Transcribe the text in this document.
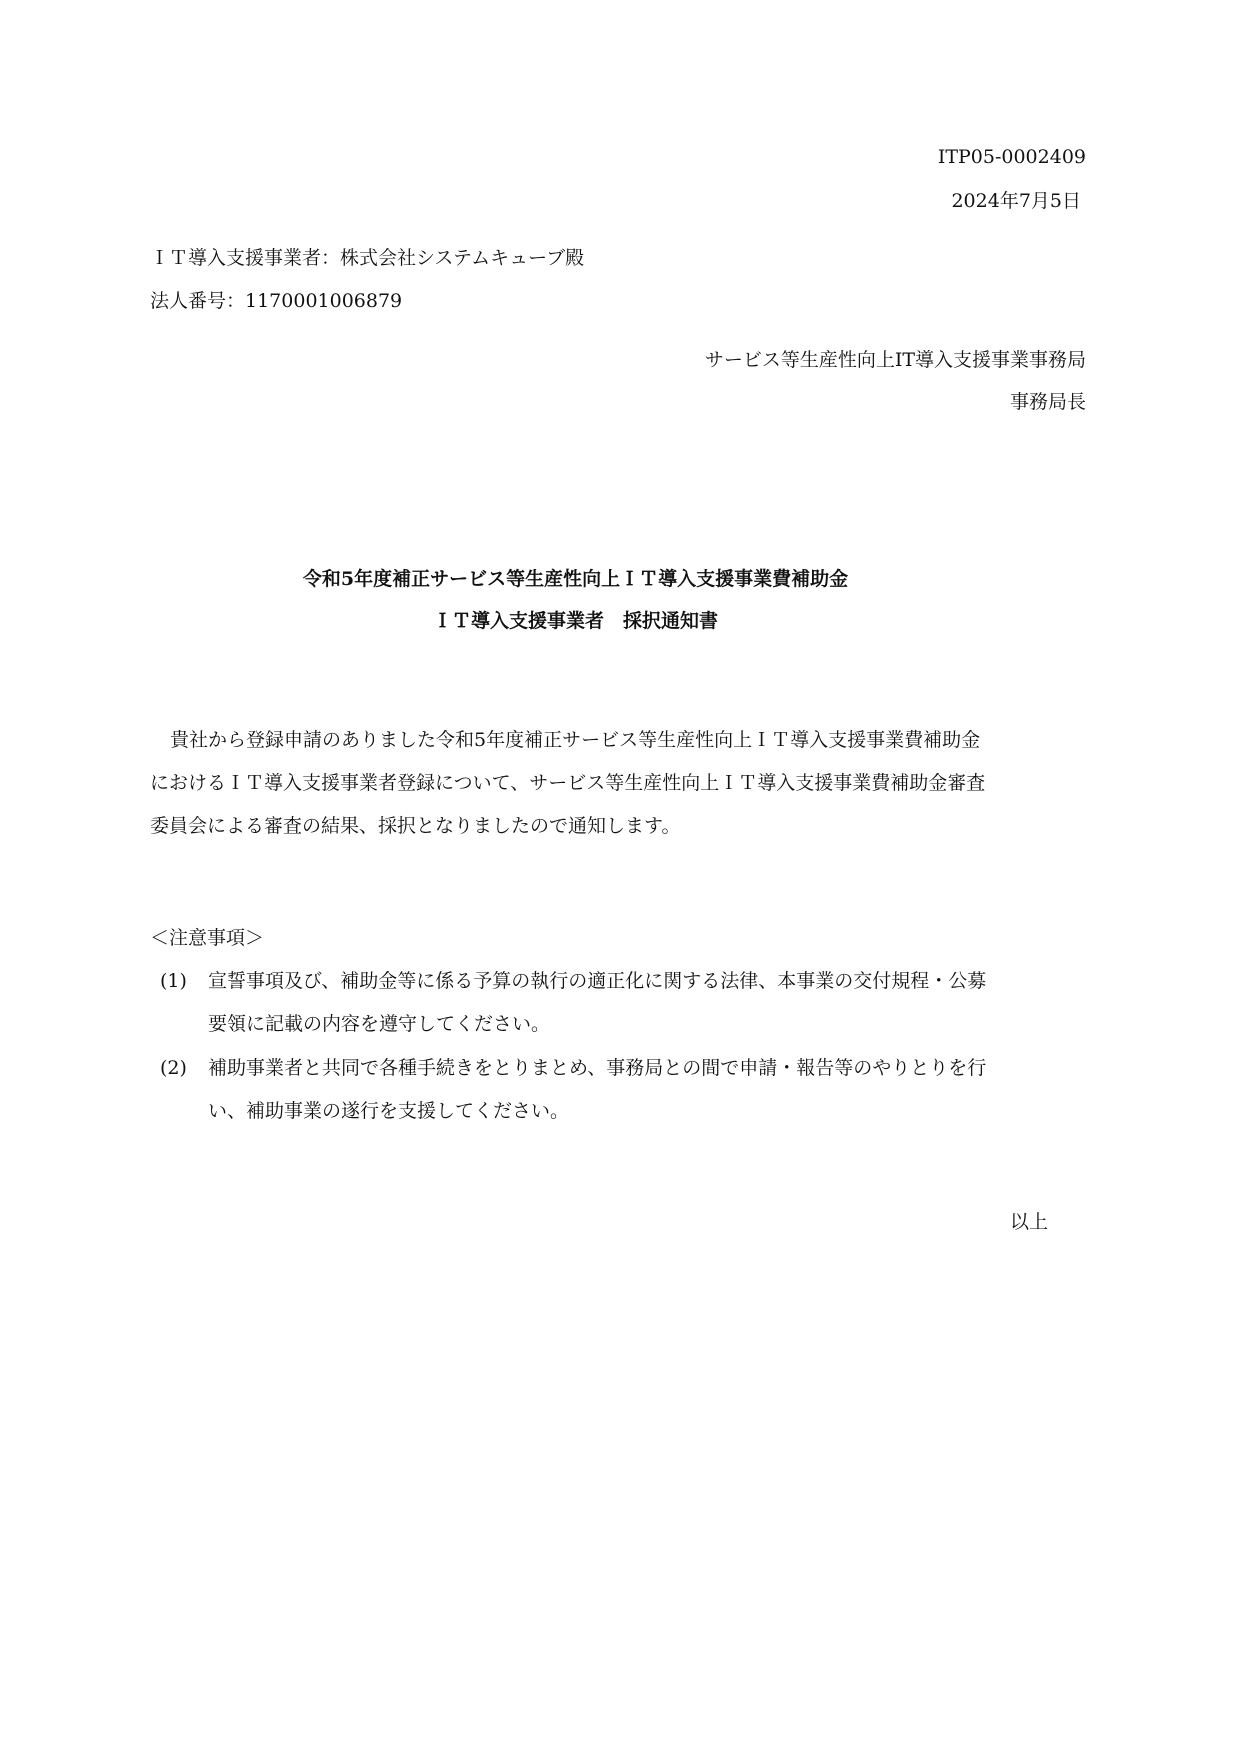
ITP05-0002409
2024年7月5日
ＩＴ導入支援事業者：株式会社システムキューブ殿
法人番号：1170001006879
サービス等生産性向上IT導入支援事業事務局
事務局長
令和5年度補正サービス等生産性向上ＩＴ導入支援事業費補助金
ＩＴ導入支援事業者　採択通知書
貴社から登録申請のありました令和5年度補正サービス等生産性向上ＩＴ導入支援事業費補助金
におけるＩＴ導入支援事業者登録について、サービス等生産性向上ＩＴ導入支援事業費補助金審査
委員会による審査の結果、採択となりましたので通知します。
＜注意事項＞
(1) 宣誓事項及び、補助金等に係る予算の執行の適正化に関する法律、本事業の交付規程・公募
要領に記載の内容を遵守してください。
(2) 補助事業者と共同で各種手続きをとりまとめ、事務局との間で申請・報告等のやりとりを行
い、補助事業の遂行を支援してください。
以上
